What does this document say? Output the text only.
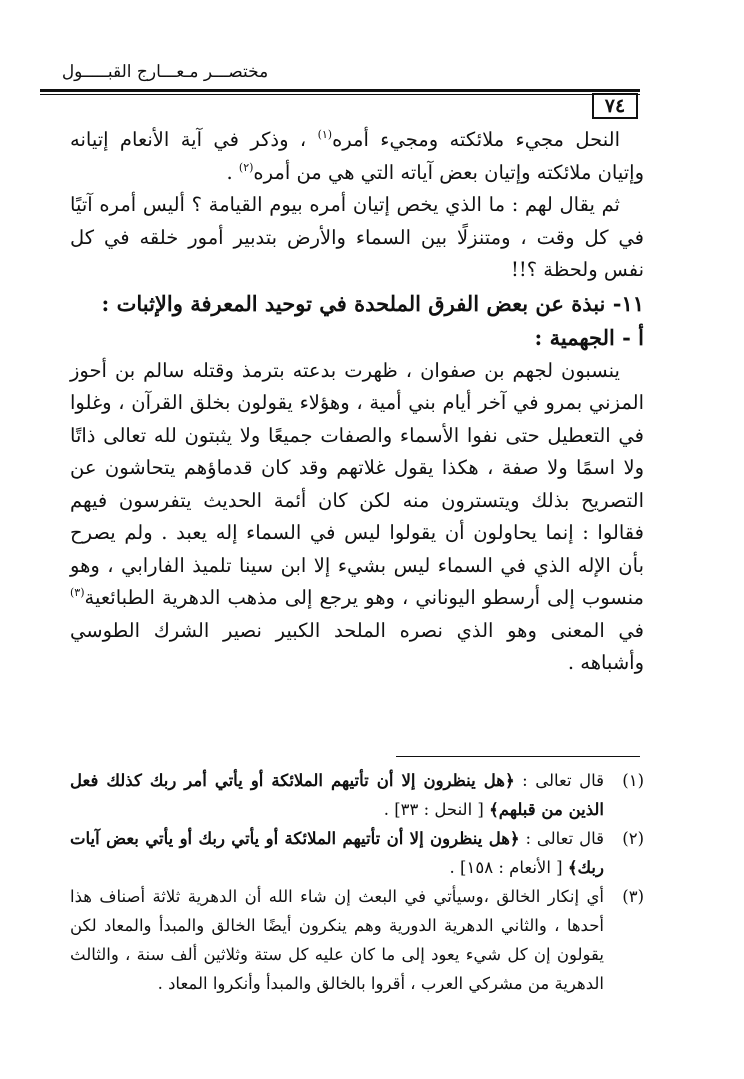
مختصـــر مـعـــارج القبـــــول
٧٤

النحل مجيء ملائكته ومجيء أمره$^{(١)}$ ، وذكر في آية الأنعام إتيانه وإتيان ملائكته وإتيان بعض آياته التي هي من أمره$^{(٢)}$ .

ثم يقال لهم : ما الذي يخص إتيان أمره بيوم القيامة ؟ أليس أمره آتيًا في كل وقت ، ومتنزلًا بين السماء والأرض بتدبير أمور خلقه في كل نفس ولحظة ؟!!

١١- نبذة عن بعض الفرق الملحدة في توحيد المعرفة والإثبات :

أ - الجهمية :

ينسبون لجهم بن صفوان ، ظهرت بدعته بترمذ وقتله سالم بن أحوز المزني بمرو في آخر أيام بني أمية ، وهؤلاء يقولون بخلق القرآن ، وغلوا في التعطيل حتى نفوا الأسماء والصفات جميعًا ولا يثبتون لله تعالى ذاتًا ولا اسمًا ولا صفة ، هكذا يقول غلاتهم وقد كان قدماؤهم يتحاشون عن التصريح بذلك ويتسترون منه لكن كان أئمة الحديث يتفرسون فيهم فقالوا : إنما يحاولون أن يقولوا ليس في السماء إله يعبد . ولم يصرح بأن الإله الذي في السماء ليس بشيء إلا ابن سينا تلميذ الفارابي ، وهو منسوب إلى أرسطو اليوناني ، وهو يرجع إلى مذهب الدهرية الطبائعية$^{(٣)}$ في المعنى وهو الذي نصره الملحد الكبير نصير الشرك الطوسي وأشباهه .

(١)
قال تعالى : ﴿هل ينظرون إلا أن تأتيهم الملائكة أو يأتي أمر ربك كذلك فعل الذين من قبلهم﴾ [ النحل : ٣٣] .
(٢)
قال تعالى : ﴿هل ينظرون إلا أن تأتيهم الملائكة أو يأتي ربك أو يأتي بعض آيات ربك﴾ [ الأنعام : ١٥٨] .
(٣)
أي إنكار الخالق ،وسيأتي في البعث إن شاء الله أن الدهرية ثلاثة أصناف هذا أحدها ، والثاني الدهرية الدورية وهم ينكرون أيضًا الخالق والمبدأ والمعاد لكن يقولون إن كل شيء يعود إلى ما كان عليه كل ستة وثلاثين ألف سنة ، والثالث الدهرية من مشركي العرب ، أقروا بالخالق والمبدأ وأنكروا المعاد .
